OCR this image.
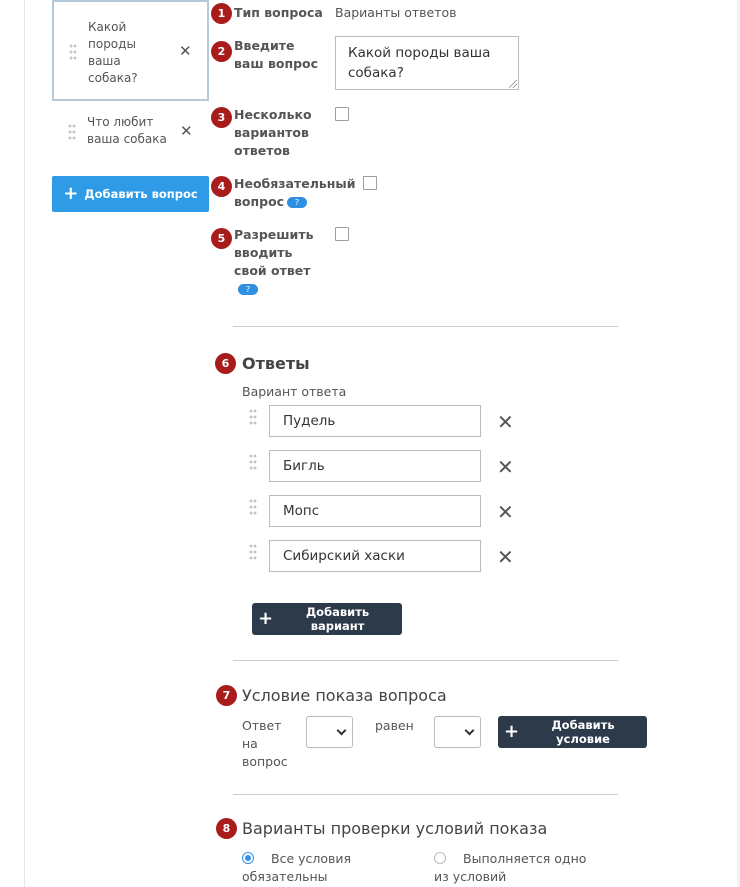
Какой
породы
ваша
собака?
✕
Что любит
ваша собака ✕
+ Добавить вопрос
1 Тип вопроса Варианты ответов
2 Введите
ваш вопрос
Какой породы ваша
собака?
3 Несколько
вариантов
ответов
4 Необязательный
вопрос	?
5 Разрешить
вводить
свой ответ
?
6 Ответы
Вариант ответа
Пудель	✕
Бигль	✕
Мопс	✕
Сибирский хаски	✕
+	Добавить вариант
7 Условие показа вопроса
Ответ
на
вопрос
равен	+	Добавить условие
8 Варианты проверки условий показа
Все условия
обязательны
Выполняется одно
из условий
